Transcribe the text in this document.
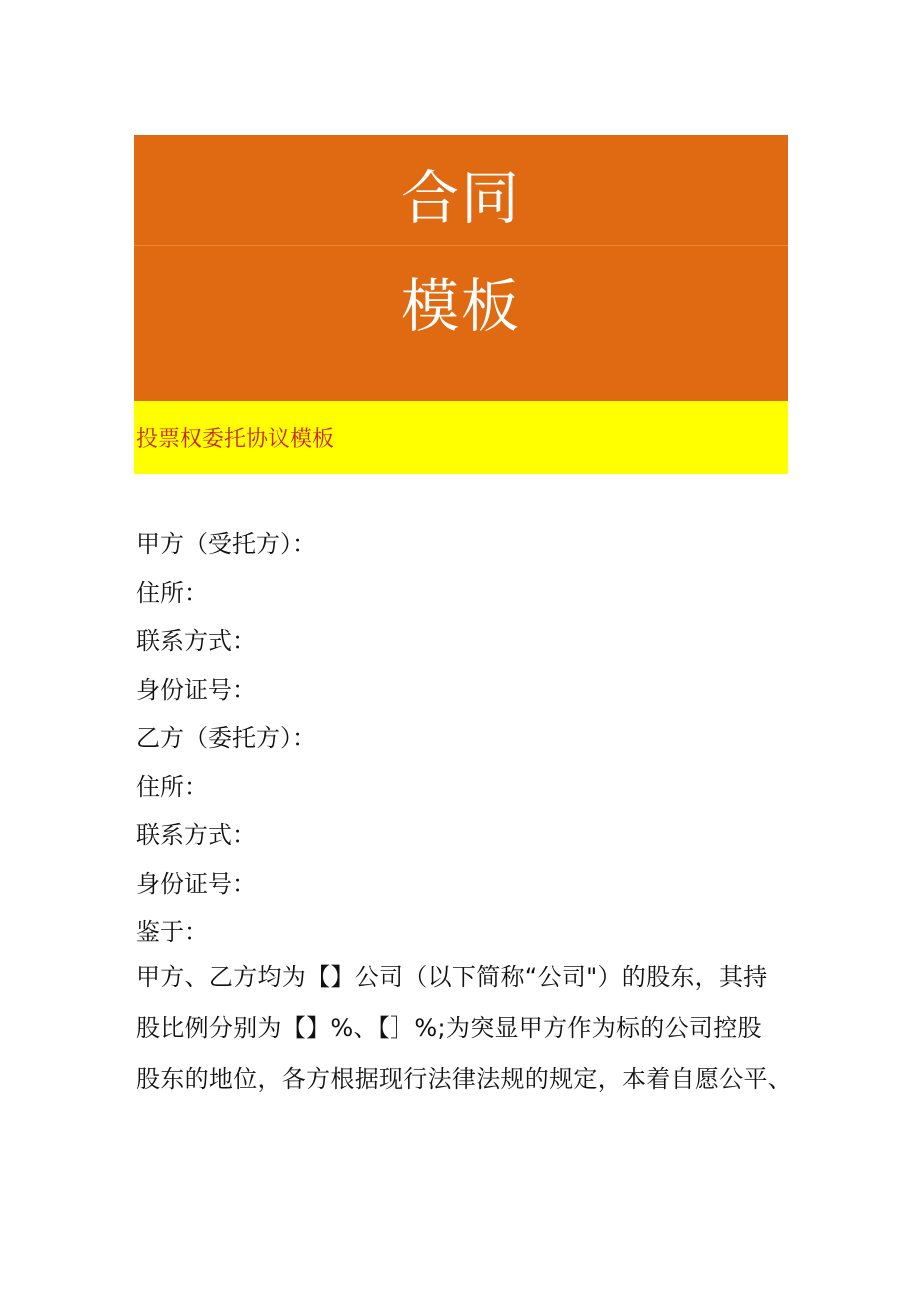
合同
模板
投票权委托协议模板
甲方（受托方）：
住所：
联系方式：
身份证号：
乙方（委托方）：
住所：
联系方式：
身份证号：
鉴于：
甲方、乙方均为【】公司（以下简称“公司"）的股东，其持
股比例分别为【】%、【］%;为突显甲方作为标的公司控股
股东的地位，各方根据现行法律法规的规定，本着自愿公平、
